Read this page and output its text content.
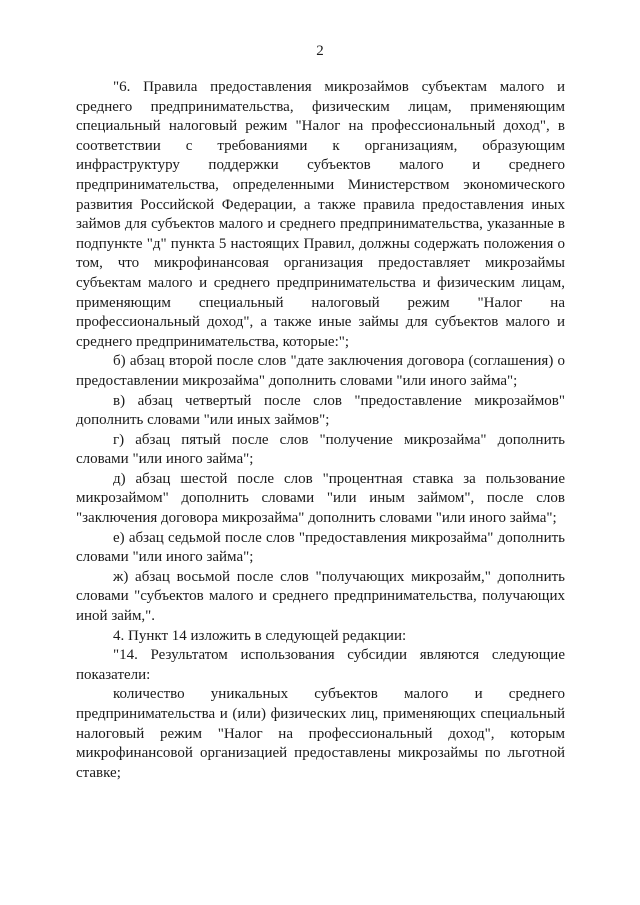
2

"6. Правила предоставления микрозаймов субъектам малого и среднего предпринимательства, физическим лицам, применяющим специальный налоговый режим "Налог на профессиональный доход", в соответствии с требованиями к организациям, образующим инфраструктуру поддержки субъектов малого и среднего предпринимательства, определенными Министерством экономического развития Российской Федерации, а также правила предоставления иных займов для субъектов малого и среднего предпринимательства, указанные в подпункте "д" пункта 5 настоящих Правил, должны содержать положения о том, что микрофинансовая организация предоставляет микрозаймы субъектам малого и среднего предпринимательства и физическим лицам, применяющим специальный налоговый режим "Налог на профессиональный доход", а также иные займы для субъектов малого и среднего предпринимательства, которые:";

б) абзац второй после слов "дате заключения договора (соглашения) о предоставлении микрозайма" дополнить словами "или иного займа";

в) абзац четвертый после слов "предоставление микрозаймов" дополнить словами "или иных займов";

г) абзац пятый после слов "получение микрозайма" дополнить словами "или иного займа";

д) абзац шестой после слов "процентная ставка за пользование микрозаймом" дополнить словами "или иным займом", после слов "заключения договора микрозайма" дополнить словами "или иного займа";

е) абзац седьмой после слов "предоставления микрозайма" дополнить словами "или иного займа";

ж) абзац восьмой после слов "получающих микрозайм," дополнить словами "субъектов малого и среднего предпринимательства, получающих иной займ,".

4. Пункт 14 изложить в следующей редакции:

"14. Результатом использования субсидии являются следующие показатели:

количество уникальных субъектов малого и среднего предпринимательства и (или) физических лиц, применяющих специальный налоговый режим "Налог на профессиональный доход", которым микрофинансовой организацией предоставлены микрозаймы по льготной ставке;
